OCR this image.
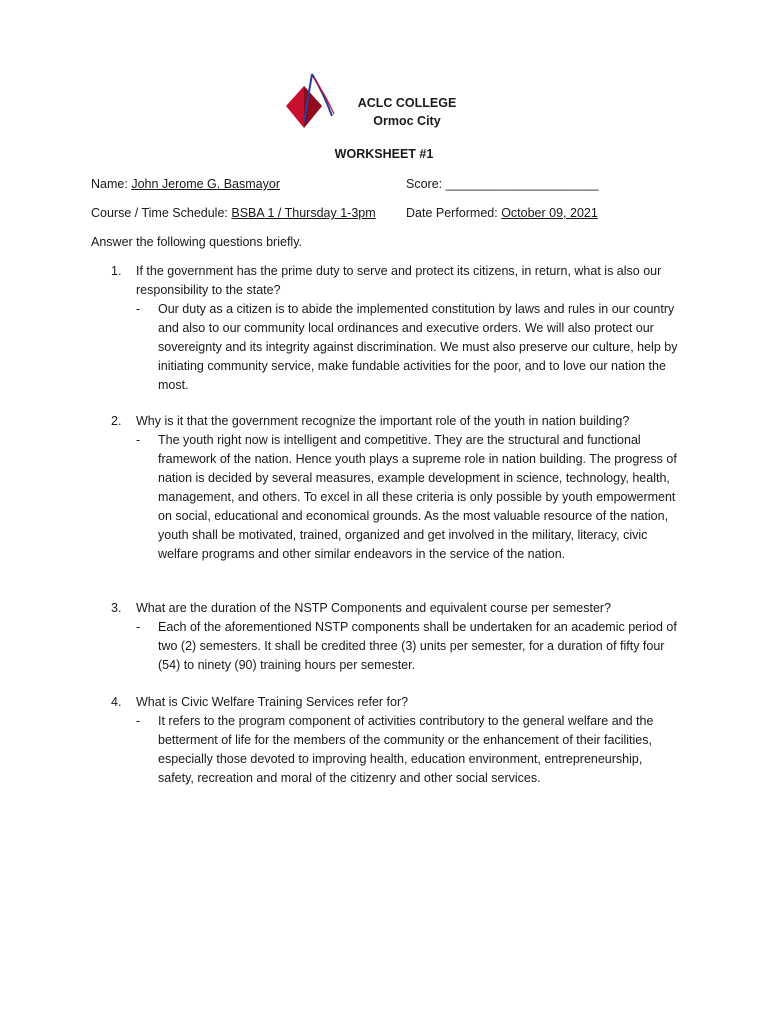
ACLC COLLEGE
Ormoc City
WORKSHEET #1
Name: John Jerome G. Basmayor	Score: ______________________
Course / Time Schedule: BSBA 1 / Thursday 1-3pm Date Performed: October 09, 2021
Answer the following questions briefly.
1. If the government has the prime duty to serve and protect its citizens, in return, what is also our responsibility to the state?
- Our duty as a citizen is to abide the implemented constitution by laws and rules in our country and also to our community local ordinances and executive orders. We will also protect our sovereignty and its integrity against discrimination. We must also preserve our culture, help by initiating community service, make fundable activities for the poor, and to love our nation the most.
2. Why is it that the government recognize the important role of the youth in nation building?
- The youth right now is intelligent and competitive. They are the structural and functional framework of the nation. Hence youth plays a supreme role in nation building. The progress of nation is decided by several measures, example development in science, technology, health, management, and others. To excel in all these criteria is only possible by youth empowerment on social, educational and economical grounds. As the most valuable resource of the nation, youth shall be motivated, trained, organized and get involved in the military, literacy, civic welfare programs and other similar endeavors in the service of the nation.
3. What are the duration of the NSTP Components and equivalent course per semester?
- Each of the aforementioned NSTP components shall be undertaken for an academic period of two (2) semesters. It shall be credited three (3) units per semester, for a duration of fifty four (54) to ninety (90) training hours per semester.
4. What is Civic Welfare Training Services refer for?
- It refers to the program component of activities contributory to the general welfare and the betterment of life for the members of the community or the enhancement of their facilities, especially those devoted to improving health, education environment, entrepreneurship, safety, recreation and moral of the citizenry and other social services.
